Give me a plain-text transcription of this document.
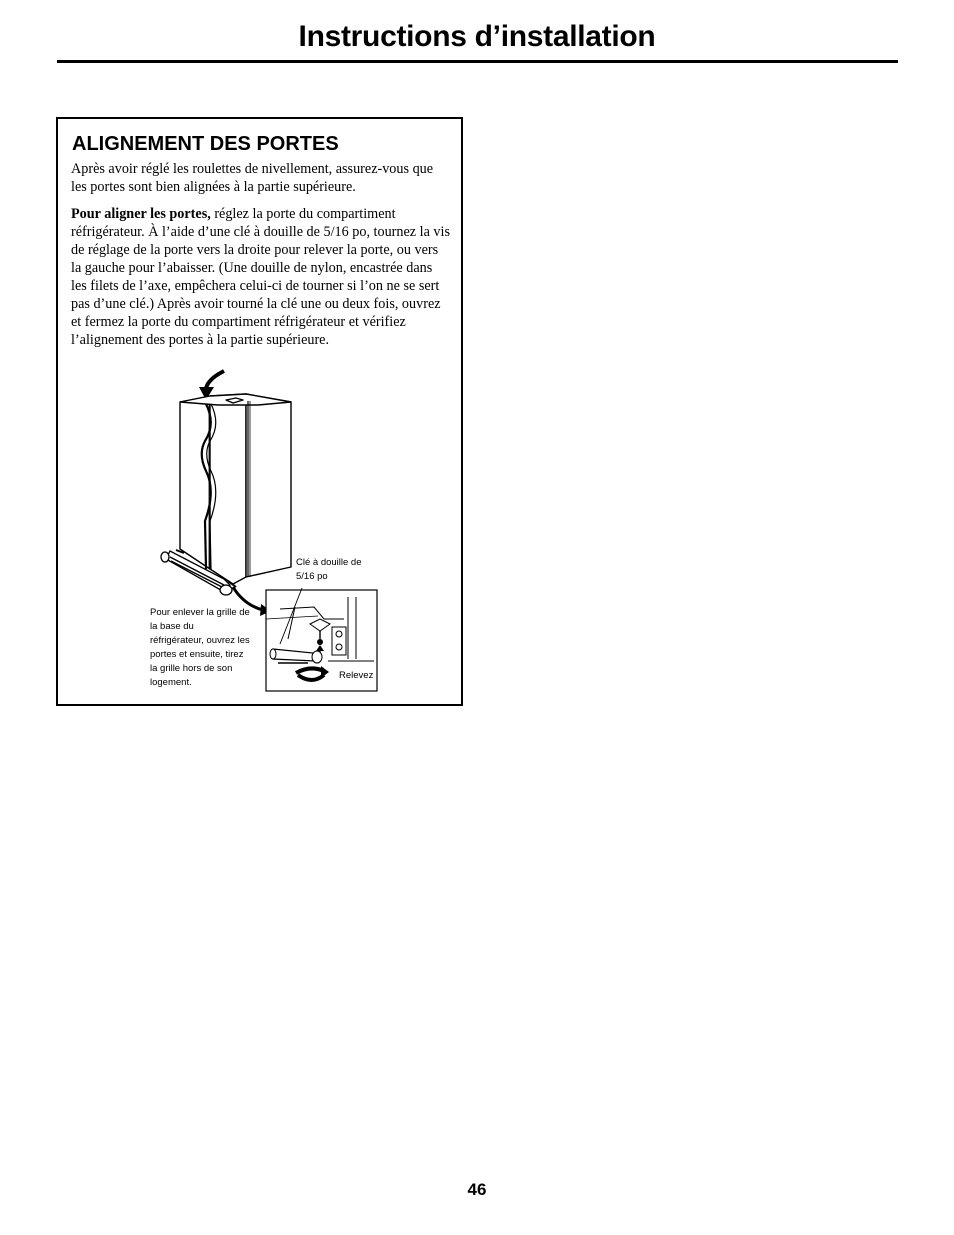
Instructions d’installation
ALIGNEMENT DES PORTES

Après avoir réglé les roulettes de nivellement, assurez-vous que les portes sont bien alignées à la partie supérieure.

Pour aligner les portes, réglez la porte du compartiment réfrigérateur. À l’aide d’une clé à douille de 5/16 po, tournez la vis de réglage de la porte vers la droite pour relever la porte, ou vers la gauche pour l’abaisser. (Une douille de nylon, encastrée dans les filets de l’axe, empêchera celui-ci de tourner si l’on ne se sert pas d’une clé.) Après avoir tourné la clé une ou deux fois, ouvrez et fermez la porte du compartiment réfrigérateur et vérifiez l’alignement des portes à la partie supérieure.

Clé à douille de 5/16 po

Pour enlever la grille de la base du réfrigérateur, ouvrez les portes et ensuite, tirez la grille hors de son logement.

Relevez

46
